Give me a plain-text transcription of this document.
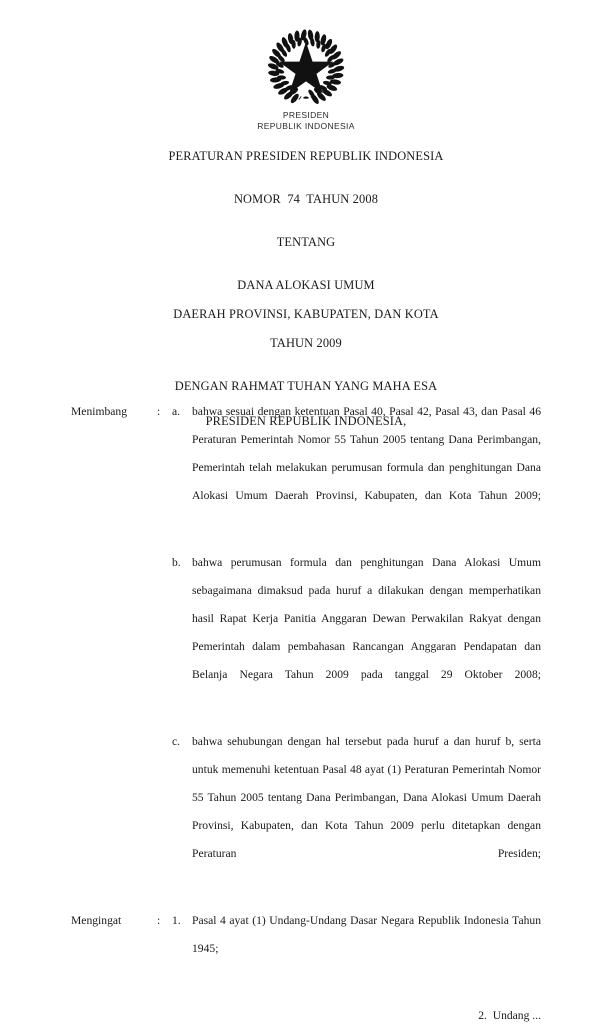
PRESIDEN
REPUBLIK INDONESIA
PERATURAN PRESIDEN REPUBLIK INDONESIA
NOMOR  74  TAHUN 2008
TENTANG
DANA ALOKASI UMUM
DAERAH PROVINSI, KABUPATEN, DAN KOTA
TAHUN 2009
DENGAN RAHMAT TUHAN YANG MAHA ESA
PRESIDEN REPUBLIK INDONESIA,
Menimbang	:	a.	bahwa sesuai dengan ketentuan Pasal 40, Pasal 42, Pasal 43, dan Pasal 46 Peraturan Pemerintah Nomor 55 Tahun 2005 tentang Dana Perimbangan, Pemerintah telah melakukan perumusan formula dan penghitungan Dana Alokasi Umum Daerah Provinsi, Kabupaten, dan Kota Tahun 2009;
b. bahwa perumusan formula dan penghitungan Dana Alokasi Umum sebagaimana dimaksud pada huruf a dilakukan dengan memperhatikan hasil Rapat Kerja Panitia Anggaran Dewan Perwakilan Rakyat dengan Pemerintah dalam pembahasan Rancangan Anggaran Pendapatan dan Belanja Negara Tahun 2009 pada tanggal 29 Oktober 2008;
c.	bahwa sehubungan dengan hal tersebut pada huruf a dan huruf b, serta untuk memenuhi ketentuan Pasal 48 ayat (1) Peraturan Pemerintah Nomor 55 Tahun 2005 tentang Dana Perimbangan, Dana Alokasi Umum Daerah Provinsi, Kabupaten, dan Kota Tahun 2009 perlu ditetapkan dengan Peraturan Presiden;
Mengingat	:	1. Pasal 4 ayat (1) Undang-Undang Dasar Negara Republik Indonesia Tahun 1945;
2.  Undang ...
